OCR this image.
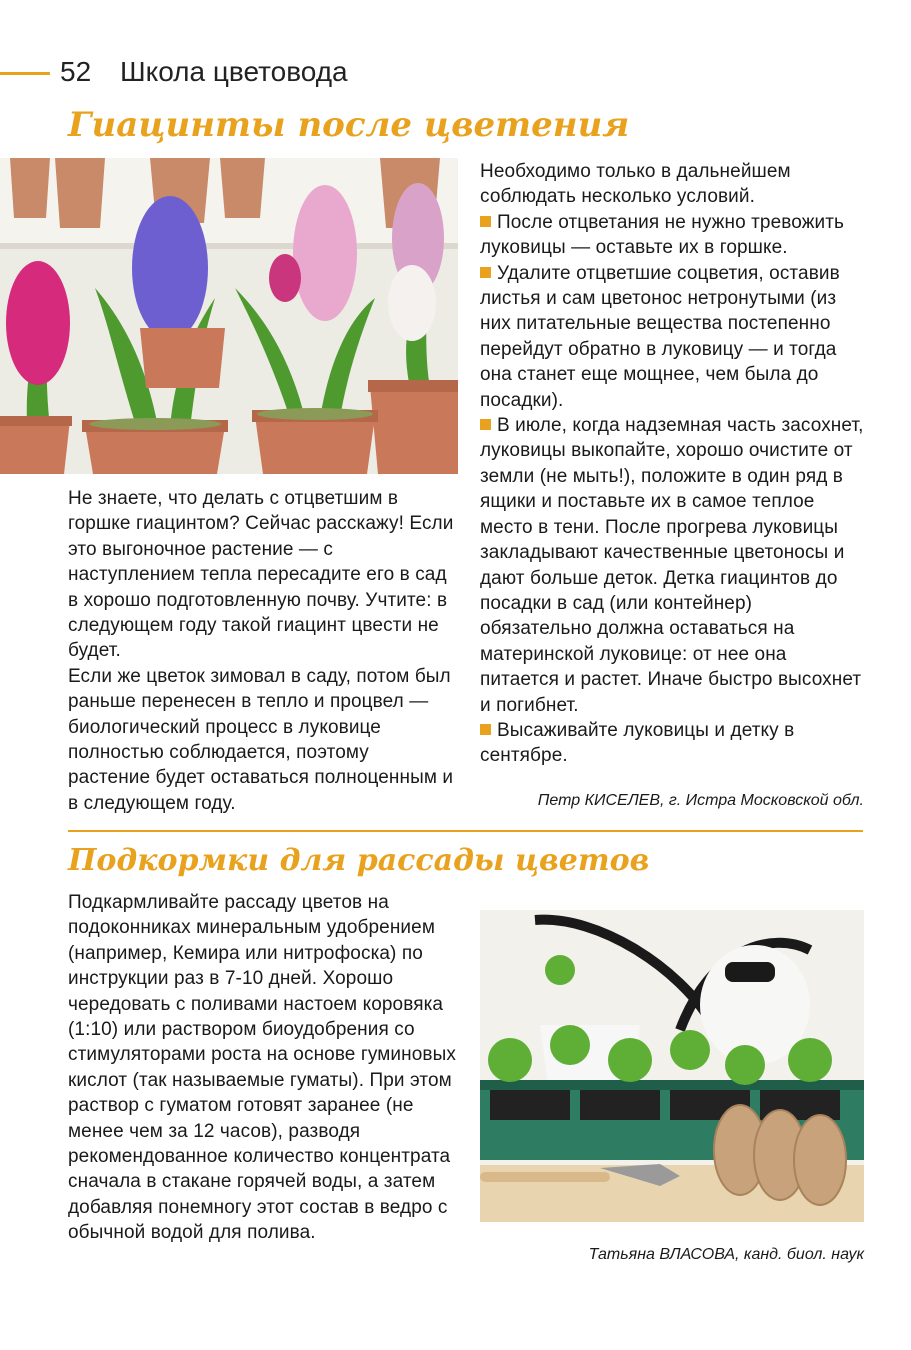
52 Школа цветовода
Гиацинты после цветения

Не знаете, что делать с отцветшим в горшке гиацинтом? Сейчас расскажу! Если это выгоночное растение — с наступлением тепла пересадите его в сад в хорошо подготовленную почву. Учтите: в следующем году такой гиацинт цвести не будет.

Если же цветок зимовал в саду, потом был раньше перенесен в тепло и процвел — биологический процесс в луковице полностью соблюдается, поэтому растение будет оставаться полноценным и в следующем году.

Необходимо только в дальнейшем соблюдать несколько условий.

После отцветания не нужно тревожить луковицы — оставьте их в горшке.

Удалите отцветшие соцветия, оставив листья и сам цветонос нетронутыми (из них питательные вещества постепенно перейдут обратно в луковицу — и тогда она станет еще мощнее, чем была до посадки).

В июле, когда надземная часть засохнет, луковицы выкопайте, хорошо очистите от земли (не мыть!), положите в один ряд в ящики и поставьте их в самое теплое место в тени. После прогрева луковицы закладывают качественные цветоносы и дают больше деток. Детка гиацинтов до посадки в сад (или контейнер) обязательно должна оставаться на материнской луковице: от нее она питается и растет. Иначе быстро высохнет и погибнет.

Высаживайте луковицы и детку в сентябре.

Петр КИСЕЛЕВ, г. Истра Московской обл.
Подкормки для рассады цветов

Подкармливайте рассаду цветов на подоконниках минеральным удобрением (например, Кемира или нитрофоска) по инструкции раз в 7-10 дней. Хорошо чередовать с поливами настоем коровяка (1:10) или раствором биоудобрения со стимуляторами роста на основе гуминовых кислот (так называемые гуматы). При этом раствор с гуматом готовят заранее (не менее чем за 12 часов), разводя рекомендованное количество концентрата сначала в стакане горячей воды, а затем добавляя понемногу этот состав в ведро с обычной водой для полива.

Татьяна ВЛАСОВА, канд. биол. наук
